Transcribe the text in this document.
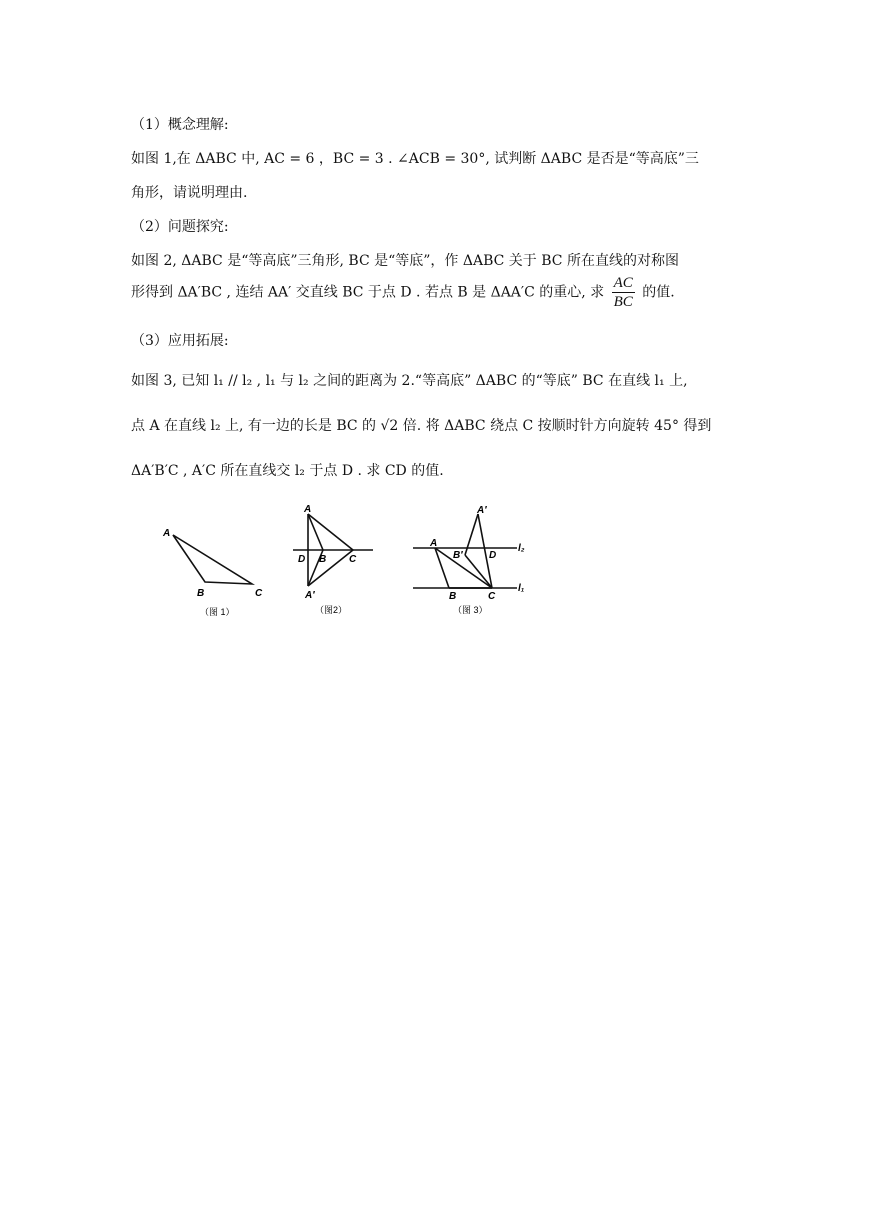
（1）概念理解:
如图 1,在 ΔABC 中, AC = 6 ，BC = 3 . ∠ACB = 30°, 试判断 ΔABC 是否是“等高底”三
角形，请说明理由.
（2）问题探究:
如图 2, ΔABC 是“等高底”三角形, BC 是“等底”，作 ΔABC 关于 BC 所在直线的对称图
形得到 ΔA′BC , 连结 AA′ 交直线 BC 于点 D . 若点 B 是 ΔAA′C 的重心, 求 $\frac{AC}{BC}$ 的值.
（3）应用拓展:
如图 3, 已知 l₁ // l₂ , l₁ 与 l₂ 之间的距离为 2.“等高底” ΔABC 的“等底” BC 在直线 l₁ 上,
点 A 在直线 l₂ 上, 有一边的长是 BC 的 √2 倍. 将 ΔABC 绕点 C 按顺时针方向旋转 45° 得到
ΔA′B′C , A′C 所在直线交 l₂ 于点 D . 求 CD 的值.
A
B	C
（图 1）
A
D B C
A′
（图2）
A′
A
B′	D
B	C
l₂
l₁
（图 3）
